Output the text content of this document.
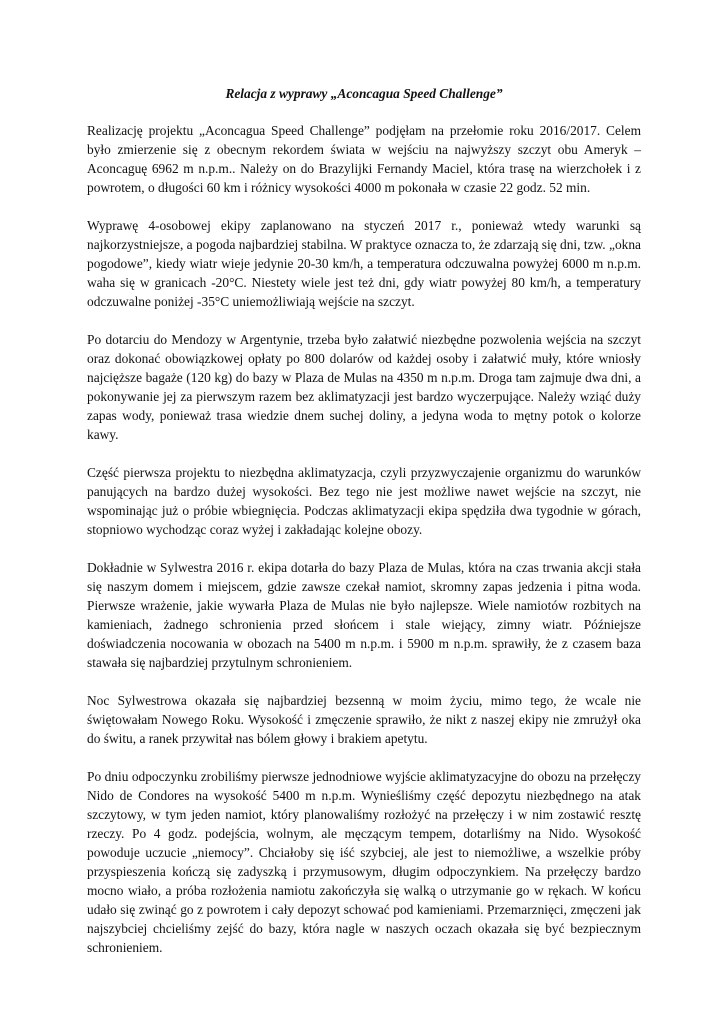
Relacja z wyprawy „Aconcagua Speed Challenge”

Realizację projektu „Aconcagua Speed Challenge” podjęłam na przełomie roku 2016/2017. Celem było zmierzenie się z obecnym rekordem świata w wejściu na najwyższy szczyt obu Ameryk – Aconcaguę 6962 m n.p.m.. Należy on do Brazylijki Fernandy Maciel, która trasę na wierzchołek i z powrotem, o długości 60 km i różnicy wysokości 4000 m pokonała w czasie 22 godz. 52 min.

Wyprawę 4-osobowej ekipy zaplanowano na styczeń 2017 r., ponieważ wtedy warunki są najkorzystniejsze, a pogoda najbardziej stabilna. W praktyce oznacza to, że zdarzają się dni, tzw. „okna pogodowe”, kiedy wiatr wieje jedynie 20-30 km/h, a temperatura odczuwalna powyżej 6000 m n.p.m. waha się w granicach -20°C. Niestety wiele jest też dni, gdy wiatr powyżej 80 km/h, a temperatury odczuwalne poniżej -35°C uniemożliwiają wejście na szczyt.

Po dotarciu do Mendozy w Argentynie, trzeba było załatwić niezbędne pozwolenia wejścia na szczyt oraz dokonać obowiązkowej opłaty po 800 dolarów od każdej osoby i załatwić muły, które wniosły najcięższe bagaże (120 kg) do bazy w Plaza de Mulas na 4350 m n.p.m. Droga tam zajmuje dwa dni, a pokonywanie jej za pierwszym razem bez aklimatyzacji jest bardzo wyczerpujące. Należy wziąć duży zapas wody, ponieważ trasa wiedzie dnem suchej doliny, a jedyna woda to mętny potok o kolorze kawy.

Część pierwsza projektu to niezbędna aklimatyzacja, czyli przyzwyczajenie organizmu do warunków panujących na bardzo dużej wysokości. Bez tego nie jest możliwe nawet wejście na szczyt, nie wspominając już o próbie wbiegnięcia. Podczas aklimatyzacji ekipa spędziła dwa tygodnie w górach, stopniowo wychodząc coraz wyżej i zakładając kolejne obozy.

Dokładnie w Sylwestra 2016 r. ekipa dotarła do bazy Plaza de Mulas, która na czas trwania akcji stała się naszym domem i miejscem, gdzie zawsze czekał namiot, skromny zapas jedzenia i pitna woda. Pierwsze wrażenie, jakie wywarła Plaza de Mulas nie było najlepsze. Wiele namiotów rozbitych na kamieniach, żadnego schronienia przed słońcem i stale wiejący, zimny wiatr. Późniejsze doświadczenia nocowania w obozach na 5400 m n.p.m. i 5900 m n.p.m. sprawiły, że z czasem baza stawała się najbardziej przytulnym schronieniem.

Noc Sylwestrowa okazała się najbardziej bezsenną w moim życiu, mimo tego, że wcale nie świętowałam Nowego Roku. Wysokość i zmęczenie sprawiło, że nikt z naszej ekipy nie zmrużył oka do świtu, a ranek przywitał nas bólem głowy i brakiem apetytu.

Po dniu odpoczynku zrobiliśmy pierwsze jednodniowe wyjście aklimatyzacyjne do obozu na przełęczy Nido de Condores na wysokość 5400 m n.p.m. Wynieśliśmy część depozytu niezbędnego na atak szczytowy, w tym jeden namiot, który planowaliśmy rozłożyć na przełęczy i w nim zostawić resztę rzeczy. Po 4 godz. podejścia, wolnym, ale męczącym tempem, dotarliśmy na Nido. Wysokość powoduje uczucie „niemocy”. Chciałoby się iść szybciej, ale jest to niemożliwe, a wszelkie próby przyspieszenia kończą się zadyszką i przymusowym, długim odpoczynkiem. Na przełęczy bardzo mocno wiało, a próba rozłożenia namiotu zakończyła się walką o utrzymanie go w rękach. W końcu udało się zwinąć go z powrotem i cały depozyt schować pod kamieniami. Przemarznięci, zmęczeni jak najszybciej chcieliśmy zejść do bazy, która nagle w naszych oczach okazała się być bezpiecznym schronieniem.
